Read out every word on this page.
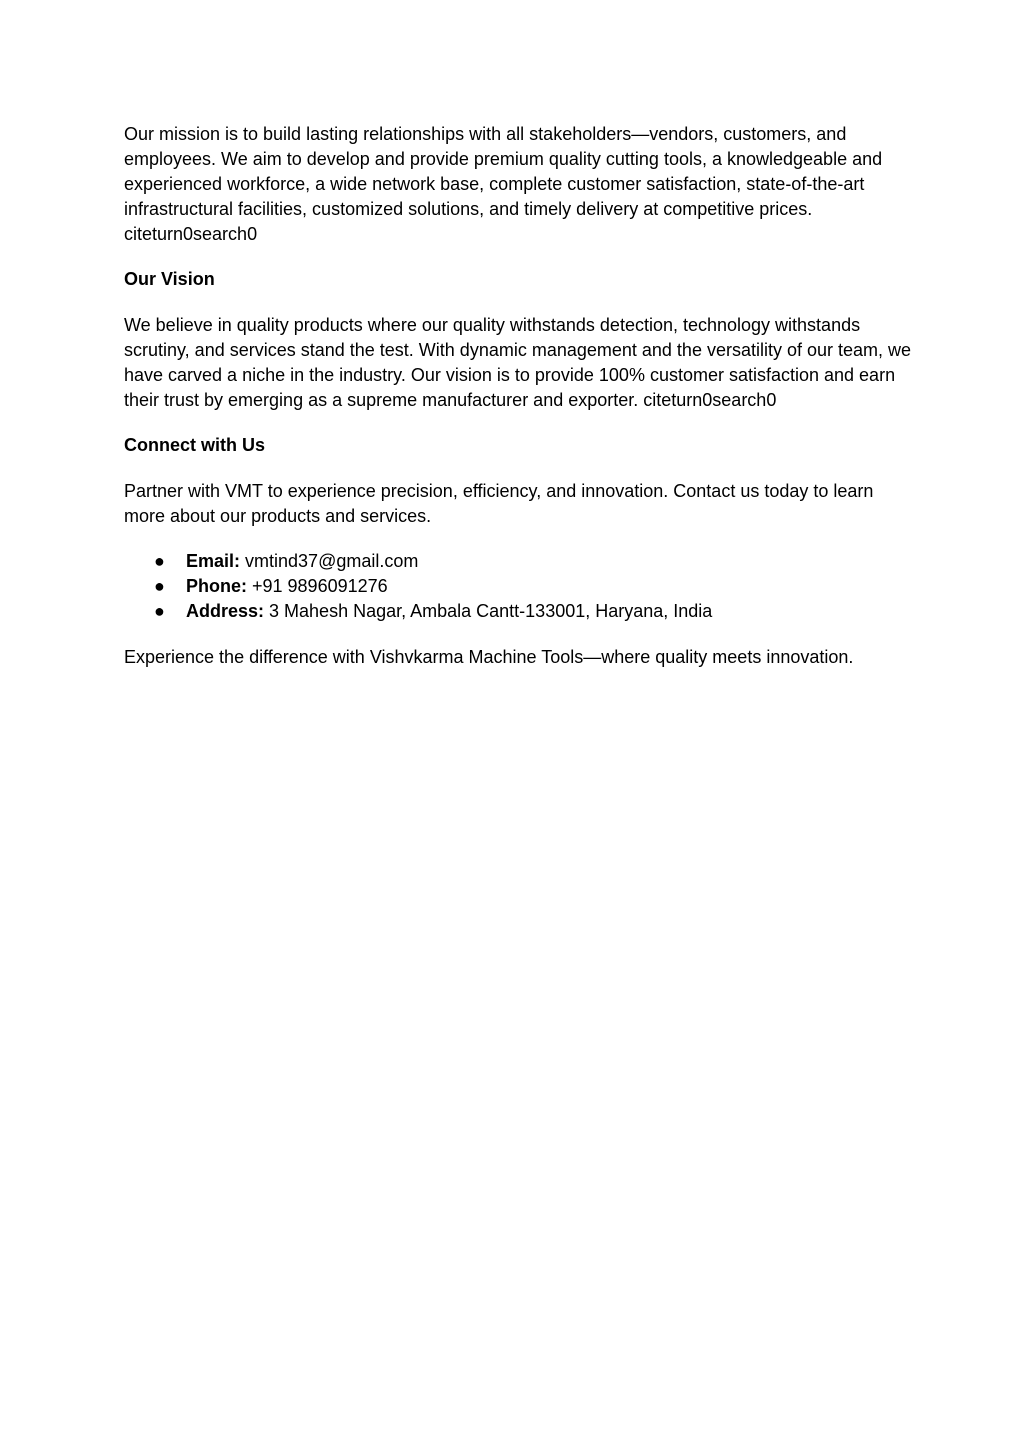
Our mission is to build lasting relationships with all stakeholders—vendors, customers, and employees. We aim to develop and provide premium quality cutting tools, a knowledgeable and experienced workforce, a wide network base, complete customer satisfaction, state-of-the-art infrastructural facilities, customized solutions, and timely delivery at competitive prices. citeturn0search0

Our Vision

We believe in quality products where our quality withstands detection, technology withstands scrutiny, and services stand the test. With dynamic management and the versatility of our team, we have carved a niche in the industry. Our vision is to provide 100% customer satisfaction and earn their trust by emerging as a supreme manufacturer and exporter. citeturn0search0

Connect with Us

Partner with VMT to experience precision, efficiency, and innovation. Contact us today to learn more about our products and services.

● Email: vmtind37@gmail.com
● Phone: +91 9896091276
● Address: 3 Mahesh Nagar, Ambala Cantt-133001, Haryana, India

Experience the difference with Vishvkarma Machine Tools—where quality meets innovation.
